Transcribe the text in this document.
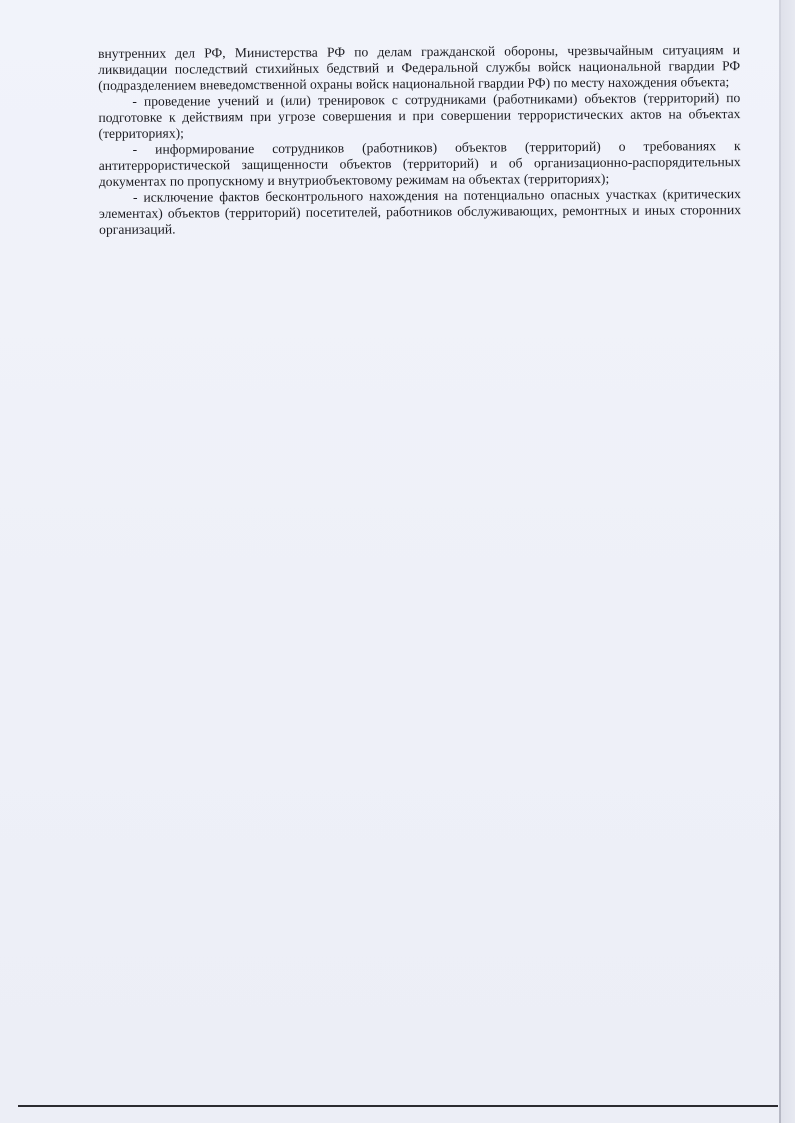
внутренних дел РФ, Министерства РФ по делам гражданской обороны, чрезвычайным ситуациям и ликвидации последствий стихийных бедствий и Федеральной службы войск национальной гвардии РФ (подразделением вневедомственной охраны войск национальной гвардии РФ) по месту нахождения объекта;

- проведение учений и (или) тренировок с сотрудниками (работниками) объектов (территорий) по подготовке к действиям при угрозе совершения и при совершении террористических актов на объектах (территориях);

- информирование сотрудников (работников) объектов (территорий) о требованиях к антитеррористической защищенности объектов (территорий) и об организационно-распорядительных документах по пропускному и внутриобъектовому режимам на объектах (территориях);

- исключение фактов бесконтрольного нахождения на потенциально опасных участках (критических элементах) объектов (территорий) посетителей, работников обслуживающих, ремонтных и иных сторонних организаций.
